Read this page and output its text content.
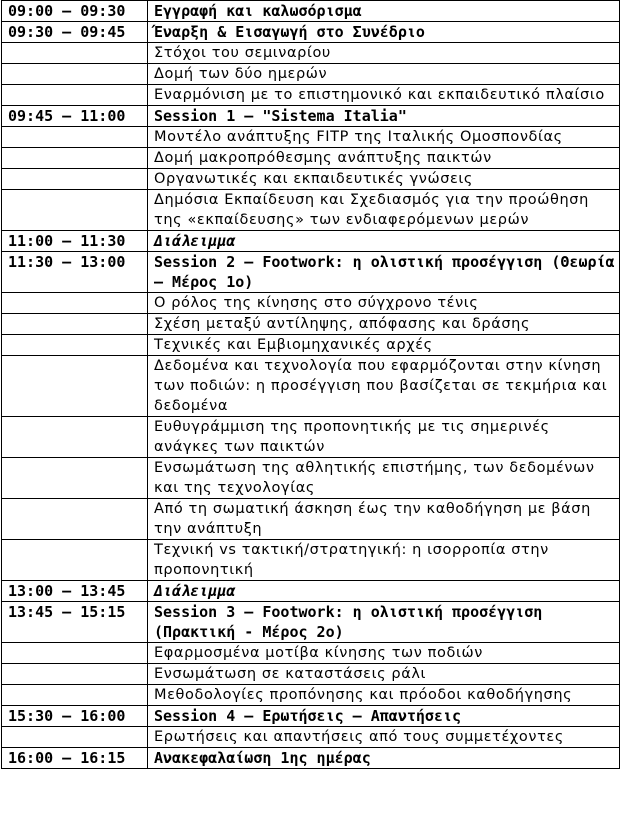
09:00 – 09:30	Εγγραφή και καλωσόρισμα
09:30 – 09:45	Έναρξη & Εισαγωγή στο Συνέδριο
	Στόχοι του σεμιναρίου
	Δομή των δύο ημερών
	Εναρμόνιση με το επιστημονικό και εκπαιδευτικό πλαίσιο
09:45 – 11:00	Session 1 – "Sistema Italia"
	Μοντέλο ανάπτυξης FITP της Ιταλικής Ομοσπονδίας
	Δομή μακροπρόθεσμης ανάπτυξης παικτών
	Οργανωτικές και εκπαιδευτικές γνώσεις
	Δημόσια Εκπαίδευση και Σχεδιασμός για την προώθηση της «εκπαίδευσης» των ενδιαφερόμενων μερών
11:00 – 11:30	Διάλειμμα
11:30 – 13:00	Session 2 – Footwork: η ολιστική προσέγγιση (Θεωρία – Μέρος 1ο)
	Ο ρόλος της κίνησης στο σύγχρονο τένις
	Σχέση μεταξύ αντίληψης, απόφασης και δράσης
	Τεχνικές και Εμβιομηχανικές αρχές
	Δεδομένα και τεχνολογία που εφαρμόζονται στην κίνηση των ποδιών: η προσέγγιση που βασίζεται σε τεκμήρια και δεδομένα
	Ευθυγράμμιση της προπονητικής με τις σημερινές ανάγκες των παικτών
	Ενσωμάτωση της αθλητικής επιστήμης, των δεδομένων και της τεχνολογίας
	Από τη σωματική άσκηση έως την καθοδήγηση με βάση την ανάπτυξη
	Τεχνική vs τακτική/στρατηγική: η ισορροπία στην προπονητική
13:00 – 13:45	Διάλειμμα
13:45 – 15:15	Session 3 – Footwork: η ολιστική προσέγγιση (Πρακτική - Μέρος 2ο)
	Εφαρμοσμένα μοτίβα κίνησης των ποδιών
	Ενσωμάτωση σε καταστάσεις ράλι
	Μεθοδολογίες προπόνησης και πρόοδοι καθοδήγησης
15:30 – 16:00	Session 4 – Ερωτήσεις – Απαντήσεις
	Ερωτήσεις και απαντήσεις από τους συμμετέχοντες
16:00 – 16:15	Ανακεφαλαίωση 1ης ημέρας
